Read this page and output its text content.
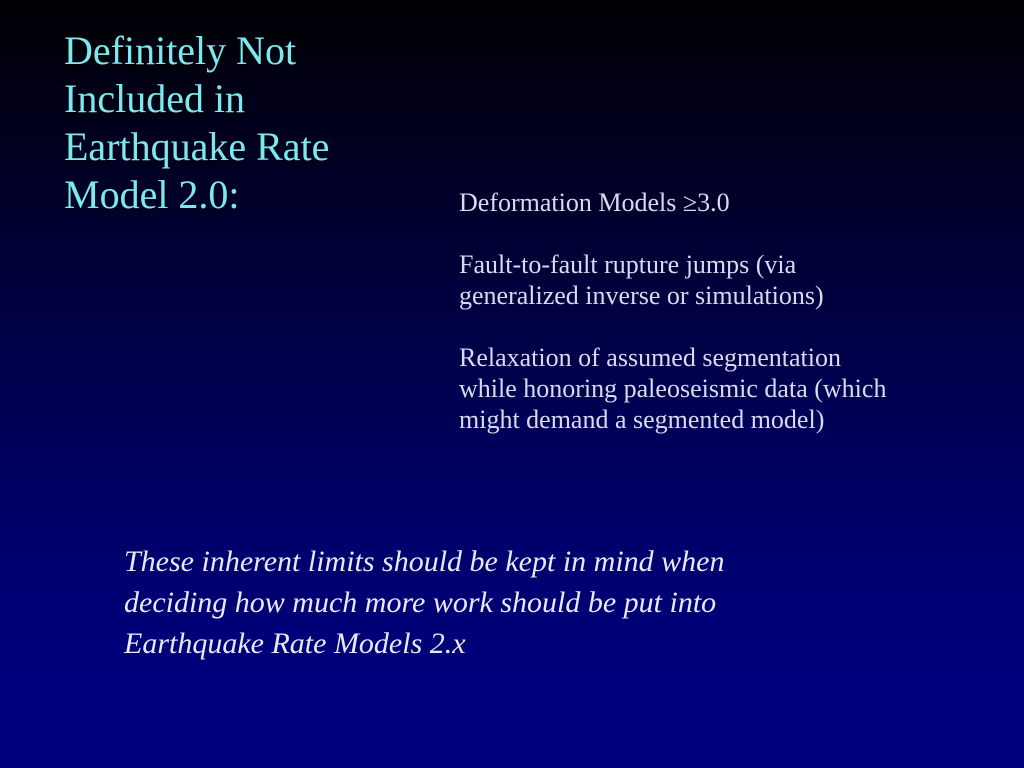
Definitely Not
Included in
Earthquake Rate
Model 2.0:	Deformation Models ≥3.0

Fault-to-fault rupture jumps (via
generalized inverse or simulations)

Relaxation of assumed segmentation
while honoring paleoseismic data (which
might demand a segmented model)

These inherent limits should be kept in mind when
deciding how much more work should be put into
Earthquake Rate Models 2.x
